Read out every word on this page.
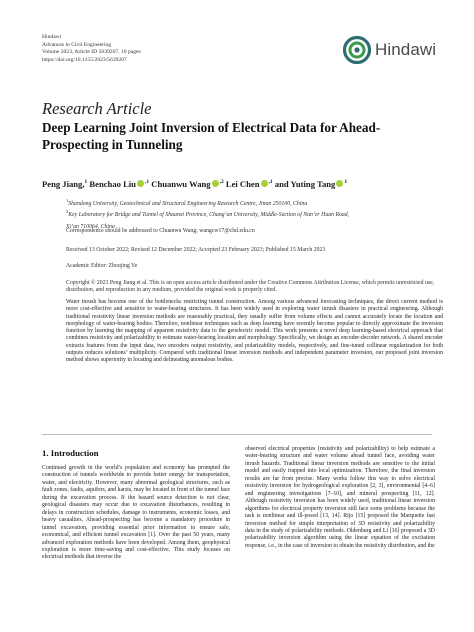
Hindawi
Advances in Civil Engineering
Volume 2023, Article ID 5639207, 10 pages
https://doi.org/10.1155/2023/5639207
Hindawi
Research Article
Deep Learning Joint Inversion of Electrical Data for Ahead-Prospecting in Tunneling
Peng Jiang,$^1$ Benchao Liu $^{,1}$ Chuanwu Wang $^{,2}$ Lei Chen $^{,1}$ and Yuting Tang $^1$
$^1$Shandong University, Geotechnical and Structural Engineering Research Centre, Jinan 250100, China
$^2$Key Laboratory for Bridge and Tunnel of Shaanxi Province, Chang’an University, Middle-Section of Nan’er Huan Road,
Xi’an 710064, China
Correspondence should be addressed to Chuanwu Wang; wangcw17@chd.edu.cn
Received 13 October 2022; Revised 12 December 2022; Accepted 23 February 2023; Published 15 March 2023
Academic Editor: Zhoujing Ye
Copyright © 2023 Peng Jiang et al. This is an open access article distributed under the Creative Commons Attribution License, which permits unrestricted use, distribution, and reproduction in any medium, provided the original work is properly cited.

Water inrush has become one of the bottlenecks restricting tunnel construction. Among various advanced forecasting techniques, the direct current method is more cost-effective and sensitive to water-bearing structures. It has been widely used in exploring water inrush disasters in practical engineering. Although traditional resistivity linear inversion methods are reasonably practical, they usually suffer from volume effects and cannot accurately locate the location and morphology of water-bearing bodies. Therefore, nonlinear techniques such as deep learning have recently become popular to directly approximate the inversion function by learning the mapping of apparent resistivity data to the geoelectric model. This work presents a novel deep learning-based electrical approach that combines resistivity and polarizability to estimate water-bearing location and morphology. Specifically, we design an encoder-decoder network. A shared encoder extracts features from the input data, two encoders output resistivity, and polarizability models, respectively, and fine-tuned collinear regularization for both outputs reduces solutions’ multiplicity. Compared with traditional linear inversion methods and independent parameter inversion, our proposed joint inversion method shows superiority in locating and delineating anomalous bodies.

1. Introduction

Continued growth in the world’s population and economy has prompted the construction of tunnels worldwide to provide better energy for transportation, water, and electricity. However, many abnormal geological structures, such as fault zones, faults, aquifers, and karsts, may be located in front of the tunnel face during the excavation process. If the hazard source detection is not clear, geological disasters may occur due to excavation disturbances, resulting in delays in construction schedules, damage to instruments, economic losses, and heavy casualties. Ahead-prospecting has become a mandatory procedure in tunnel excavation, providing essential prior information to ensure safe, economical, and efficient tunnel excavation [1]. Over the past 50 years, many advanced exploration methods have been developed. Among them, geophysical exploration is more time-saving and cost-effective. This study focuses on electrical methods that inverse the

observed electrical properties (resistivity and polarizability) to help estimate a water-bearing structure and water volume ahead tunnel face, avoiding water inrush hazards. Traditional linear inversion methods are sensitive to the initial model and easily trapped into local optimization. Therefore, the final inversion results are far from precise. Many works follow this way to solve electrical resistivity inversion for hydrogeological exploration [2, 3], environmental [4–6] and engineering investigations [7–10], and mineral prospecting [11, 12]. Although resistivity inversion has been widely used, traditional linear inversion algorithms for electrical property inversion still face some problems because the task is nonlinear and ill-posed [13, 14]. Rijo [15] proposed the Marquette fast inversion method for simple interpretation of 3D resistivity and polarizability data in the study of polarizability methods. Oldenburg and Li [16] proposed a 3D polarizability inversion algorithm using the linear equation of the excitation response, i.e., in the case of inversion to obtain the resistivity distribution, and the
